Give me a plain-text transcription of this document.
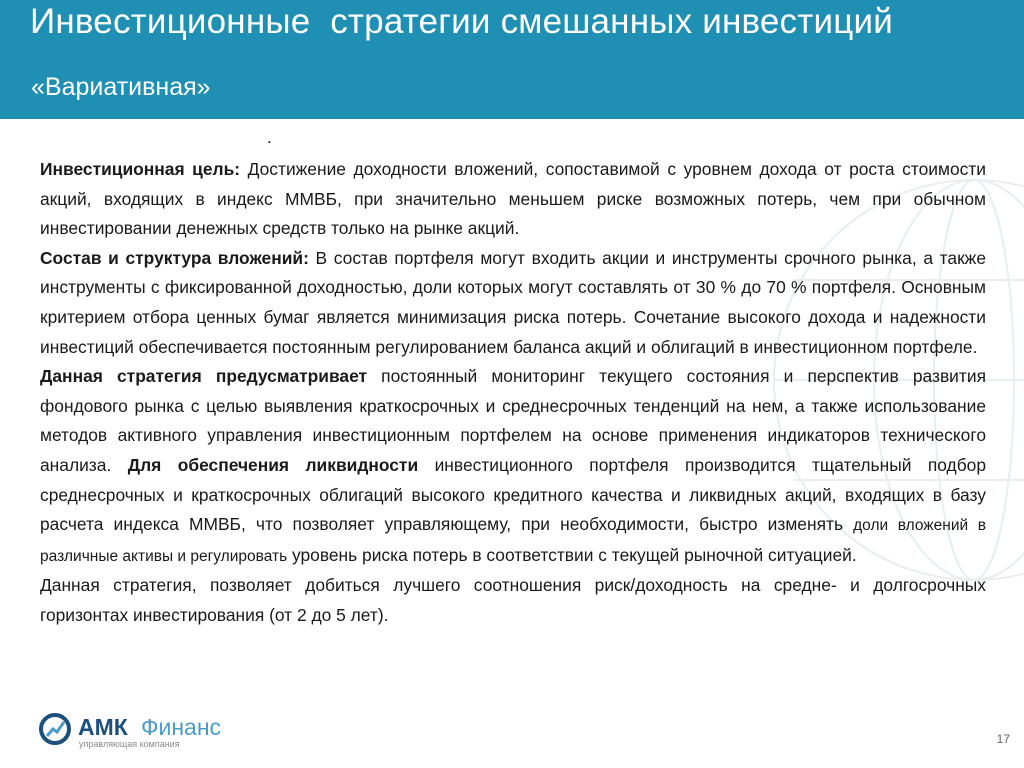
Инвестиционные  стратегии смешанных инвестиций
«Вариативная»
.

Инвестиционная цель: Достижение доходности вложений, сопоставимой с уровнем дохода от роста стоимости акций, входящих в индекс ММВБ, при значительно меньшем риске возможных потерь, чем при обычном инвестировании денежных средств только на рынке акций.

Состав и структура вложений: В состав портфеля могут входить акции и инструменты срочного рынка, а также инструменты с фиксированной доходностью, доли которых могут составлять от 30 % до 70 % портфеля. Основным критерием отбора ценных бумаг является минимизация риска потерь. Сочетание высокого дохода и надежности инвестиций обеспечивается постоянным регулированием баланса акций и облигаций в инвестиционном портфеле.

Данная стратегия предусматривает постоянный мониторинг текущего состояния и перспектив развития фондового рынка с целью выявления краткосрочных и среднесрочных тенденций на нем, а также использование методов активного управления инвестиционным портфелем на основе применения индикаторов технического анализа. Для обеспечения ликвидности инвестиционного портфеля производится тщательный подбор среднесрочных и краткосрочных облигаций высокого кредитного качества и ликвидных акций, входящих в базу расчета индекса ММВБ, что позволяет управляющему, при необходимости, быстро изменять доли вложений в различные активы и регулировать уровень риска потерь в соответствии с текущей рыночной ситуацией.

Данная стратегия, позволяет добиться лучшего соотношения риск/доходность на средне- и долгосрочных горизонтах инвестирования (от 2 до 5 лет).

АМК Финанс
управляющая компания	17
